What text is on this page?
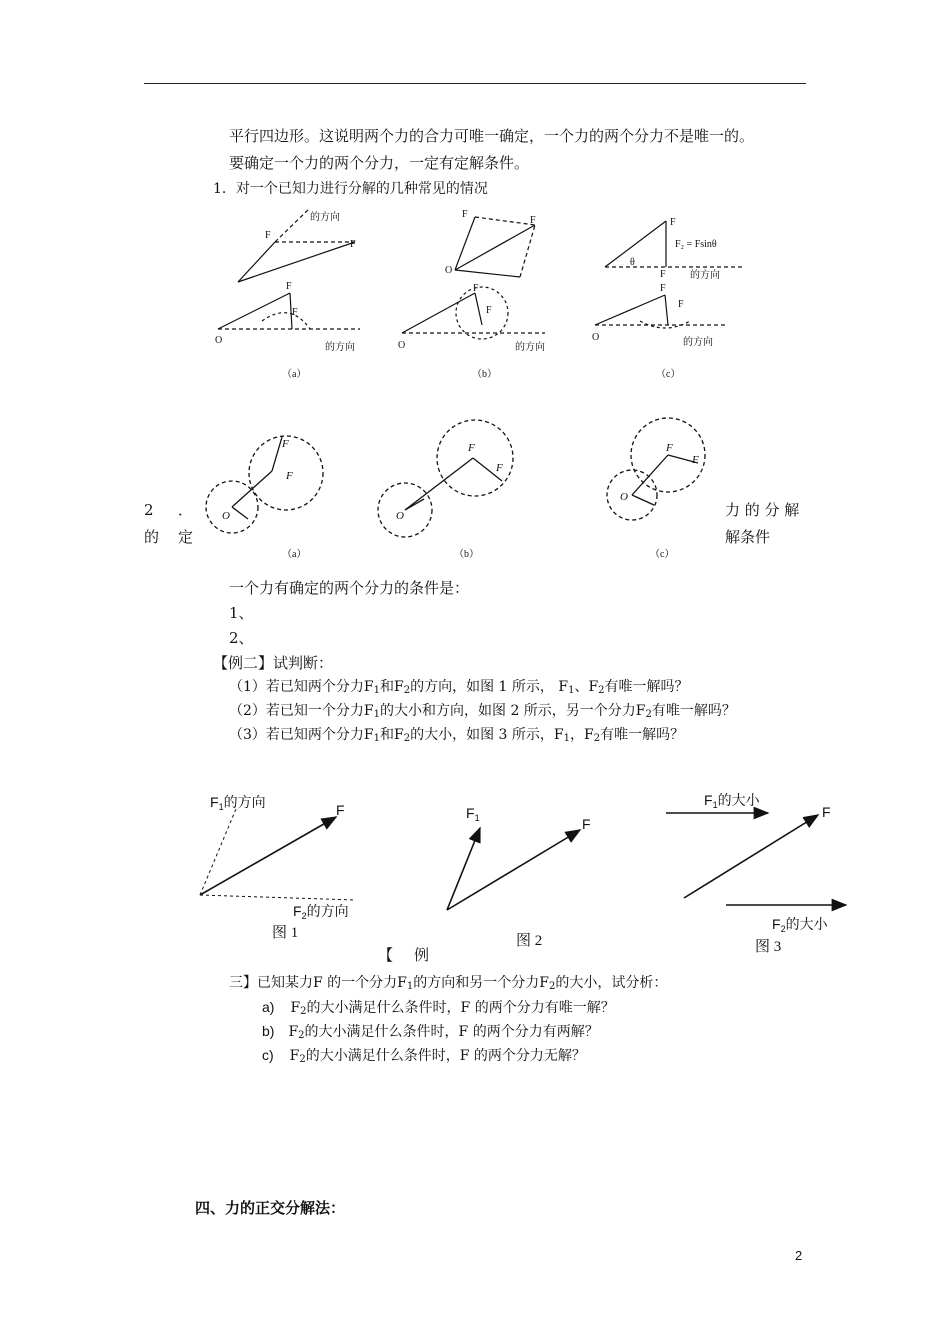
平行四边形。这说明两个力的合力可唯一确定，一个力的两个分力不是唯一的。
要确定一个力的两个分力，一定有定解条件。
1．对一个已知力进行分解的几种常见的情况
F
F
的方向
O
F
F
的方向
（a）
F
O
F
F
F
O	的方向
（b）
F
F₂ = Fsinθ
θ
F 的方向
F
F
O	的方向
（c）
O
F
F
O
F
F
O
F
F
（a）	（b）	（c）
2 ．
的 定
力 的 分 解
解条件
一个力有确定的两个分力的条件是：
1、
2、
【例二】试判断：
（1）若已知两个分力$F_1$和$F_2$的方向，如图 1 所示， $F_1$、$F_2$有唯一解吗？
（2）若已知一个分力$F_1$的大小和方向，如图 2 所示，另一个分力$F_2$有唯一解吗？
（3）若已知两个分力$F_1$和$F_2$的大小，如图 3 所示，$F_1$，$F_2$有唯一解吗？
$F_1$的方向	F
$F_2$的方向
$F_1$	F
$F_1$的大小
F
$F_2$的大小
图 1	图 2	图 3
【 例
三】已知某力F 的一个分力$F_1$的方向和另一个分力$F_2$的大小，试分析：
a) $F_2$的大小满足什么条件时，F 的两个分力有唯一解？
b) $F_2$的大小满足什么条件时，F 的两个分力有两解？
c) $F_2$的大小满足什么条件时，F 的两个分力无解？
四、力的正交分解法：
2
